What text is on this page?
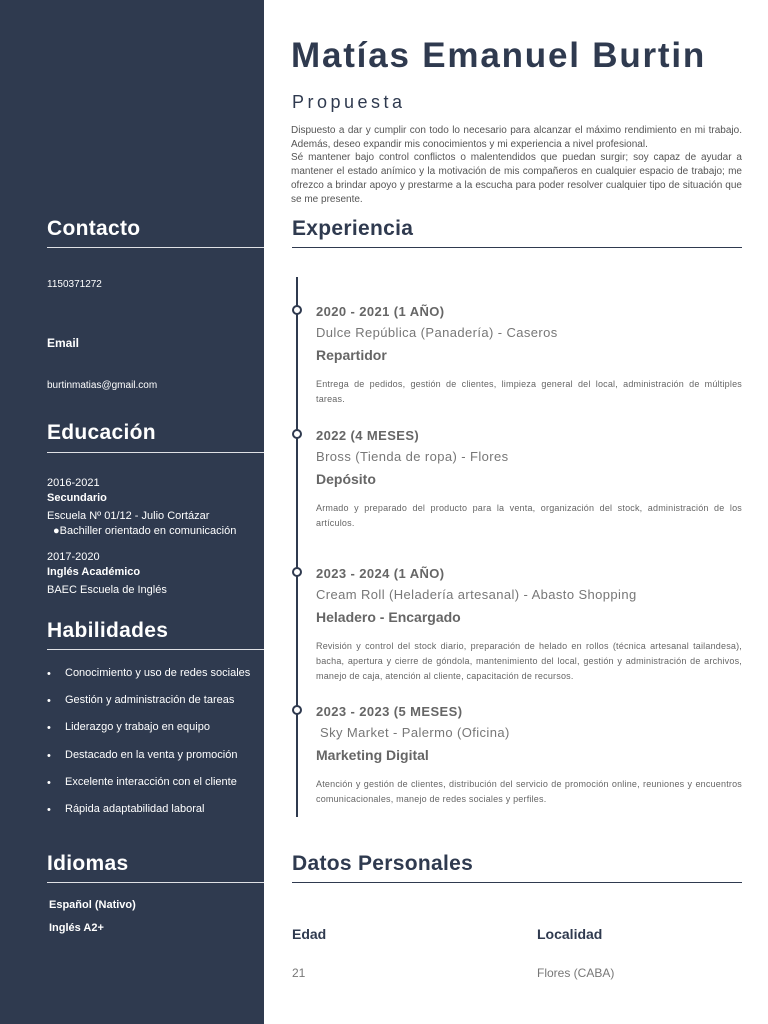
Contacto
1150371272
Email
burtinmatias@gmail.com
Educación
2016-2021
Secundario
Escuela Nº 01/12 - Julio Cortázar
●Bachiller orientado en comunicación
2017-2020
Inglés Académico
BAEC Escuela de Inglés
Habilidades
• Conocimiento y uso de redes sociales
• Gestión y administración de tareas
• Liderazgo y trabajo en equipo
• Destacado en la venta y promoción
• Excelente interacción con el cliente
• Rápida adaptabilidad laboral
Idiomas
Español (Nativo)
Inglés A2+
Matías Emanuel Burtin
Propuesta

Dispuesto a dar y cumplir con todo lo necesario para alcanzar el máximo rendimiento en mi trabajo. Además, deseo expandir mis conocimientos y mi experiencia a nivel profesional.

Sé mantener bajo control conflictos o malentendidos que puedan surgir; soy capaz de ayudar a mantener el estado anímico y la motivación de mis compañeros en cualquier espacio de trabajo; me ofrezco a brindar apoyo y prestarme a la escucha para poder resolver cualquier tipo de situación que se me presente.

Experiencia
2020 - 2021 (1 AÑO)
Dulce República (Panadería) - Caseros
Repartidor
Entrega de pedidos, gestión de clientes, limpieza general del local, administración de múltiples tareas.
2022 (4 MESES)
Bross (Tienda de ropa) - Flores
Depósito
Armado y preparado del producto para la venta, organización del stock, administración de los artículos.
2023 - 2024 (1 AÑO)
Cream Roll (Heladería artesanal) - Abasto Shopping
Heladero - Encargado
Revisión y control del stock diario, preparación de helado en rollos (técnica artesanal tailandesa), bacha, apertura y cierre de góndola, mantenimiento del local, gestión y administración de archivos, manejo de caja, atención al cliente, capacitación de recursos.
2023 - 2023 (5 MESES)
Sky Market - Palermo (Oficina)
Marketing Digital
Atención y gestión de clientes, distribución del servicio de promoción online, reuniones y encuentros comunicacionales, manejo de redes sociales y perfiles.
Datos Personales
Edad
21
Localidad
Flores (CABA)
